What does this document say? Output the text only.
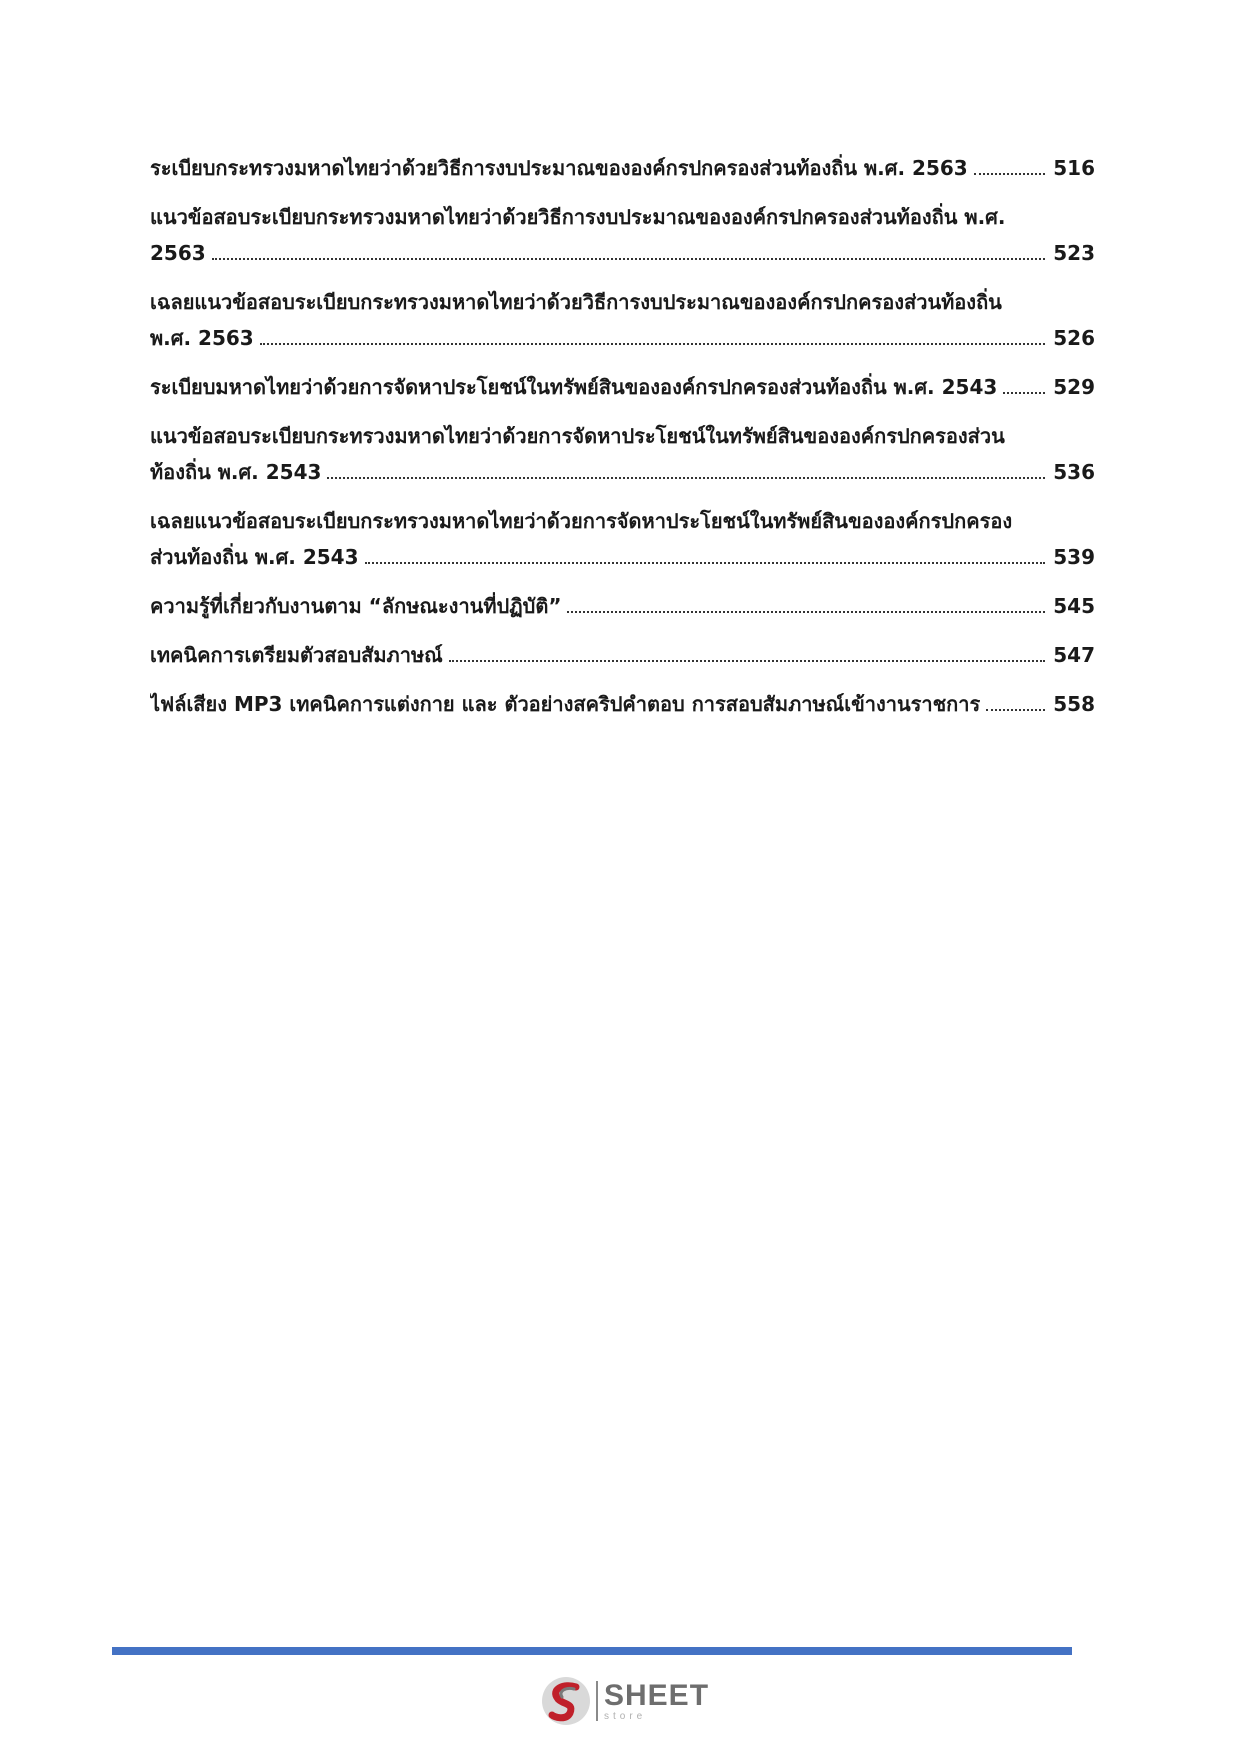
ระเบียบกระทรวงมหาดไทยว่าด้วยวิธีการงบประมาณขององค์กรปกครองส่วนท้องถิ่น พ.ศ. 2563	516
แนวข้อสอบระเบียบกระทรวงมหาดไทยว่าด้วยวิธีการงบประมาณขององค์กรปกครองส่วนท้องถิ่น พ.ศ.
2563	523
เฉลยแนวข้อสอบระเบียบกระทรวงมหาดไทยว่าด้วยวิธีการงบประมาณขององค์กรปกครองส่วนท้องถิ่น
พ.ศ. 2563	526
ระเบียบมหาดไทยว่าด้วยการจัดหาประโยชน์ในทรัพย์สินขององค์กรปกครองส่วนท้องถิ่น พ.ศ. 2543	529
แนวข้อสอบระเบียบกระทรวงมหาดไทยว่าด้วยการจัดหาประโยชน์ในทรัพย์สินขององค์กรปกครองส่วน
ท้องถิ่น พ.ศ. 2543	536
เฉลยแนวข้อสอบระเบียบกระทรวงมหาดไทยว่าด้วยการจัดหาประโยชน์ในทรัพย์สินขององค์กรปกครอง
ส่วนท้องถิ่น พ.ศ. 2543	539
ความรู้ที่เกี่ยวกับงานตาม “ลักษณะงานที่ปฏิบัติ”	545
เทคนิคการเตรียมตัวสอบสัมภาษณ์	547
ไฟล์เสียง MP3 เทคนิคการแต่งกาย และ ตัวอย่างสคริปคำตอบ การสอบสัมภาษณ์เข้างานราชการ	558
SHEET
store
